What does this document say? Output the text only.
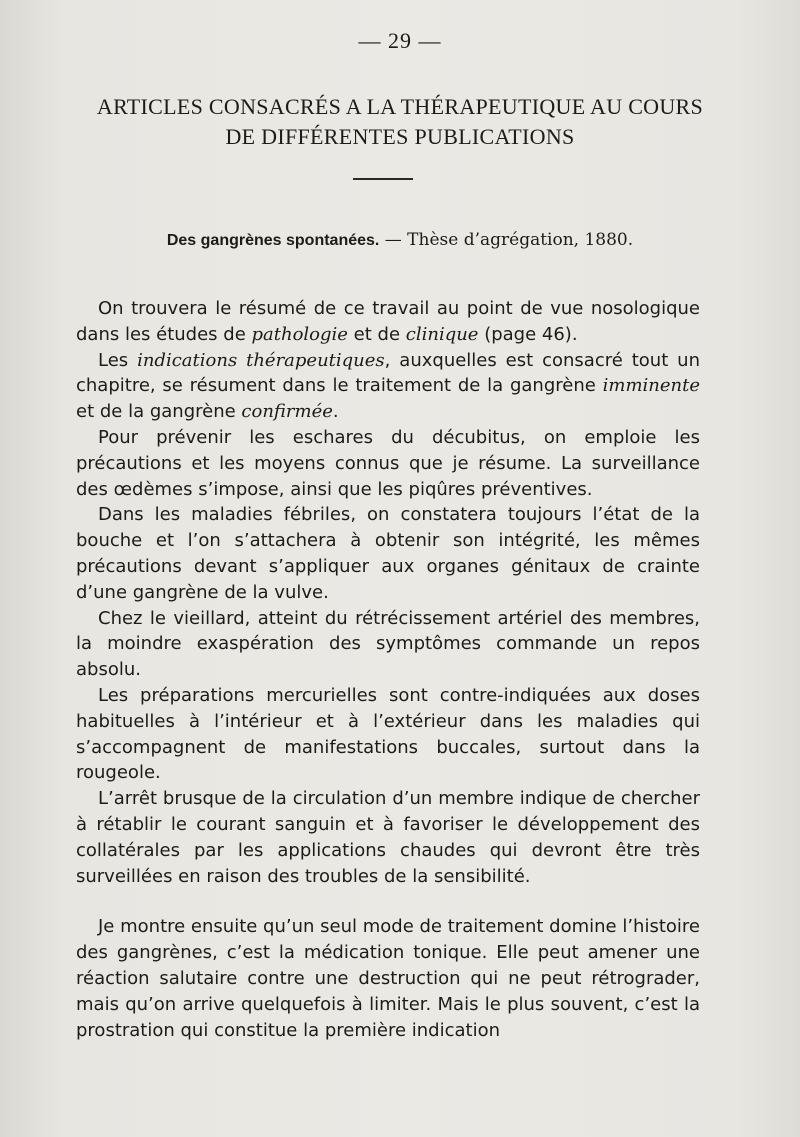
— 29 —
ARTICLES CONSACRÉS A LA THÉRAPEUTIQUE AU COURS
DE DIFFÉRENTES PUBLICATIONS
Des gangrènes spontanées. — Thèse d’agrégation, 1880.

On trouvera le résumé de ce travail au point de vue nosologique dans les études de pathologie et de clinique (page 46).

Les indications thérapeutiques, auxquelles est consacré tout un chapitre, se résument dans le traitement de la gangrène imminente et de la gangrène confirmée.

Pour prévenir les eschares du décubitus, on emploie les précautions et les moyens connus que je résume. La surveillance des œdèmes s’impose, ainsi que les piqûres préventives.

Dans les maladies fébriles, on constatera toujours l’état de la bouche et l’on s’attachera à obtenir son intégrité, les mêmes précautions devant s’appliquer aux organes génitaux de crainte d’une gangrène de la vulve.

Chez le vieillard, atteint du rétrécissement artériel des membres, la moindre exaspération des symptômes commande un repos absolu.

Les préparations mercurielles sont contre-indiquées aux doses habituelles à l’intérieur et à l’extérieur dans les maladies qui s’accompagnent de manifestations buccales, surtout dans la rougeole.

L’arrêt brusque de la circulation d’un membre indique de chercher à rétablir le courant sanguin et à favoriser le développement des collatérales par les applications chaudes qui devront être très surveillées en raison des troubles de la sensibilité.

Je montre ensuite qu’un seul mode de traitement domine l’histoire des gangrènes, c’est la médication tonique. Elle peut amener une réaction salutaire contre une destruction qui ne peut rétrograder, mais qu’on arrive quelquefois à limiter. Mais le plus souvent, c’est la prostration qui constitue la première indication
